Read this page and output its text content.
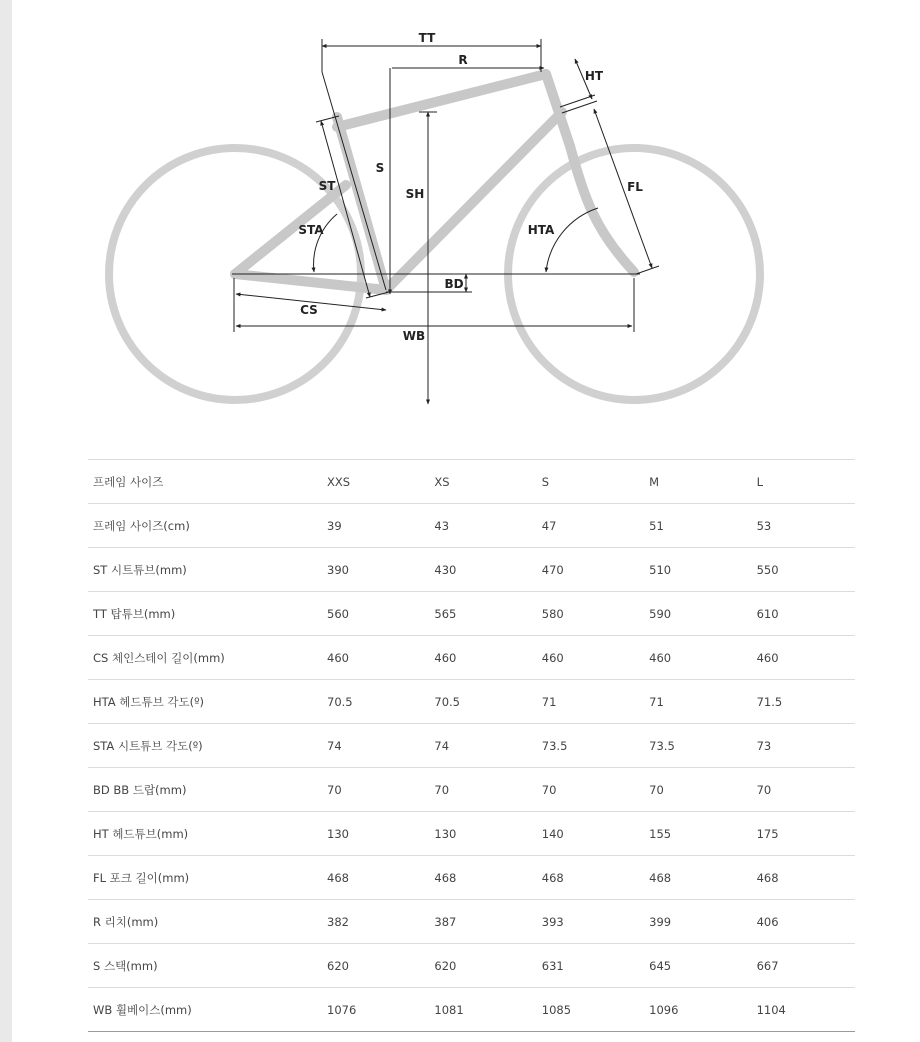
TT
R
HT
S
SH
ST	FL
STA	HTA
BD
CS
WB
프레임 사이즈	XXS	XS	S	M	L
프레임 사이즈(cm)	39	43	47	51	53
ST 시트튜브(mm)	390	430	470	510	550
TT 탑튜브(mm)	560	565	580	590	610
CS 체인스테이 길이(mm)	460	460	460	460	460
HTA 헤드튜브 각도(º)	70.5	70.5	71	71	71.5
STA 시트튜브 각도(º)	74	74	73.5	73.5	73
BD BB 드랍(mm)	70	70	70	70	70
HT 헤드튜브(mm)	130	130	140	155	175
FL 포크 길이(mm)	468	468	468	468	468
R 리치(mm)	382	387	393	399	406
S 스택(mm)	620	620	631	645	667
WB 휠베이스(mm)	1076	1081	1085	1096	1104
